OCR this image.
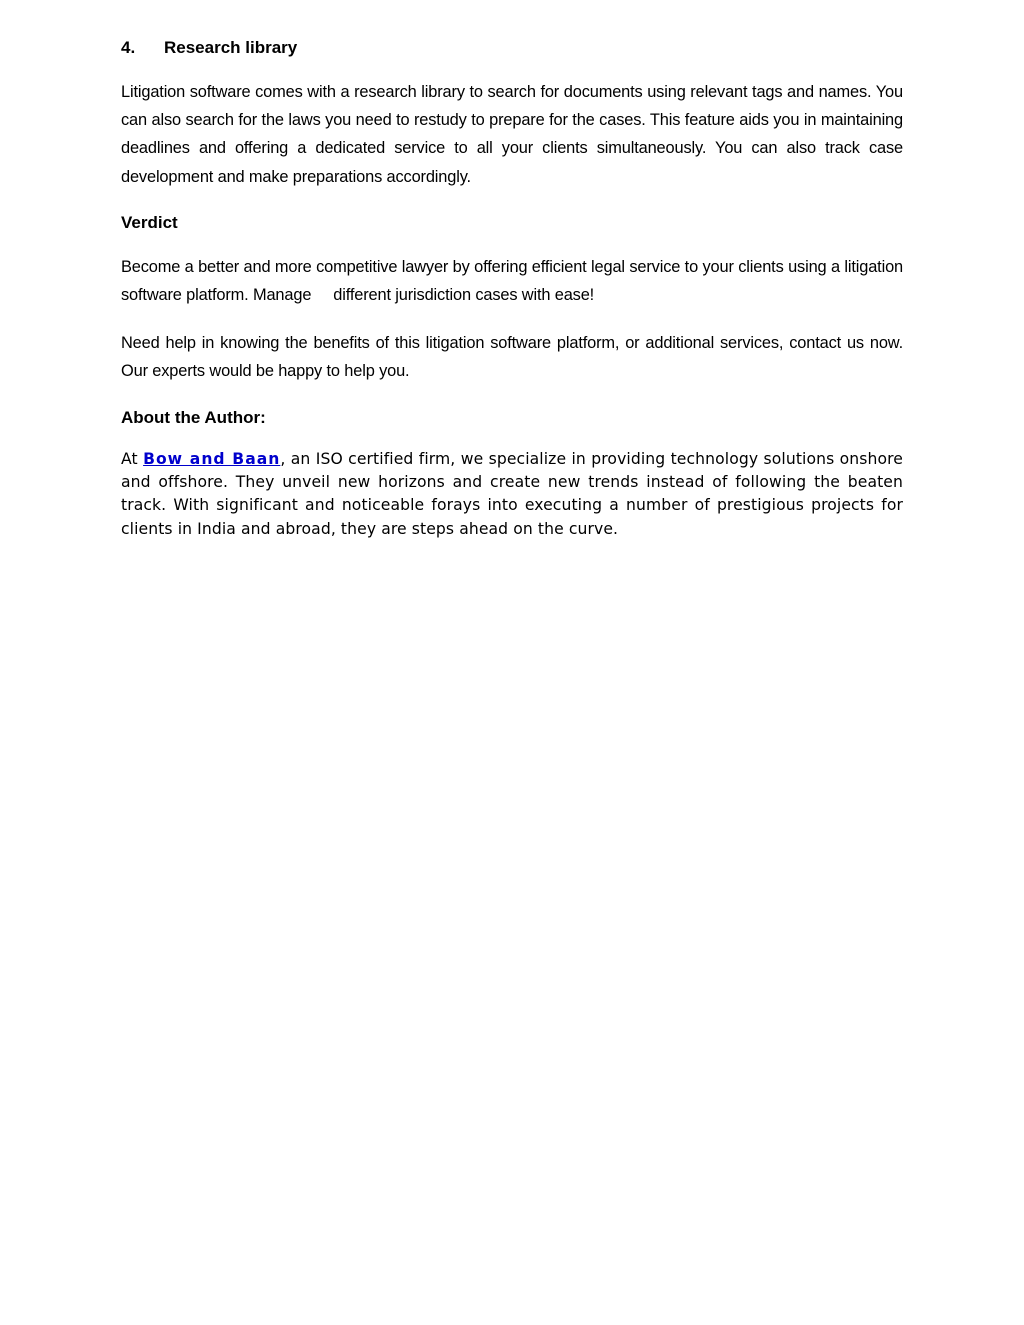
4.	Research library

Litigation software comes with a research library to search for documents using relevant tags and names. You can also search for the laws you need to restudy to prepare for the cases. This feature aids you in maintaining deadlines and offering a dedicated service to all your clients simultaneously. You can also track case development and make preparations accordingly.

Verdict

Become a better and more competitive lawyer by offering efficient legal service to your clients using a litigation software platform. Manage different jurisdiction cases with ease!

Need help in knowing the benefits of this litigation software platform, or additional services, contact us now. Our experts would be happy to help you.

About the Author:

At Bow and Baan, an ISO certified firm, we specialize in providing technology solutions onshore and offshore. They unveil new horizons and create new trends instead of following the beaten track. With significant and noticeable forays into executing a number of prestigious projects for clients in India and abroad, they are steps ahead on the curve.
